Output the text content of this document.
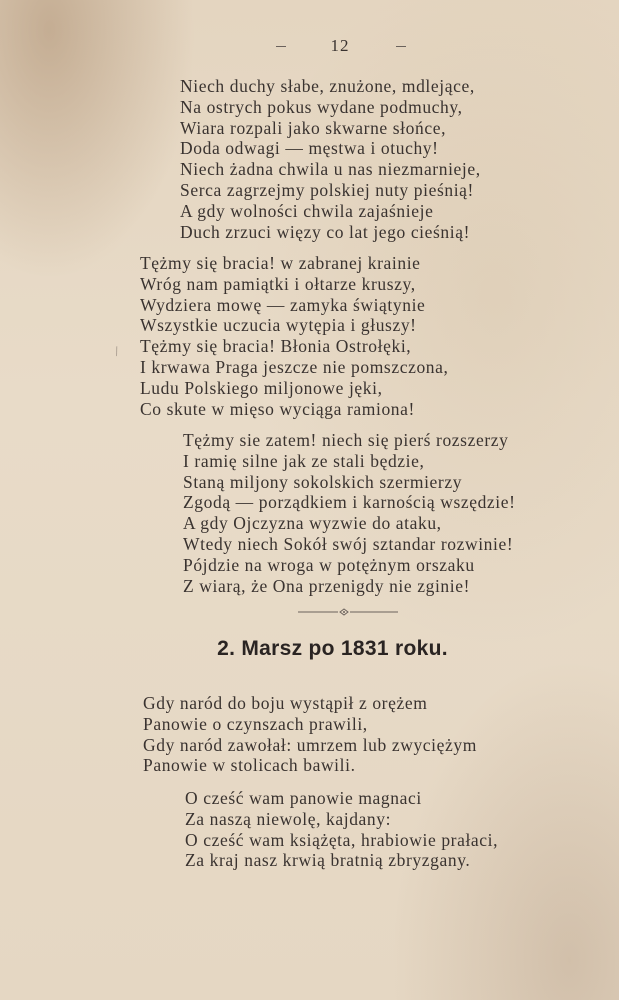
12
Niech duchy słabe, znużone, mdlejące,
Na ostrych pokus wydane podmuchy,
Wiara rozpali jako skwarne słońce,
Doda odwagi — męstwa i otuchy!
Niech żadna chwila u nas niezmarnieje,
Serca zagrzejmy polskiej nuty pieśnią!
A gdy wolności chwila zajaśnieje
Duch zrzuci więzy co lat jego cieśnią!
⁄
Tężmy się bracia! w zabranej krainie
Wróg nam pamiątki i ołtarze kruszy,
Wydziera mowę — zamyka świątynie
Wszystkie uczucia wytępia i głuszy!
Tężmy się bracia! Błonia Ostrołęki,
I krwawa Praga jeszcze nie pomszczona,
Ludu Polskiego miljonowe jęki,
Co skute w mięso wyciąga ramiona!
Tężmy sie zatem! niech się pierś rozszerzy
I ramię silne jak ze stali będzie,
Staną miljony sokolskich szermierzy
Zgodą — porządkiem i karnością wszędzie!
A gdy Ojczyzna wyzwie do ataku,
Wtedy niech Sokół swój sztandar rozwinie!
Pójdzie na wroga w potężnym orszaku
Z wiarą, że Ona przenigdy nie zginie!
2. Marsz po 1831 roku.
Gdy naród do boju wystąpił z orężem
Panowie o czynszach prawili,
Gdy naród zawołał: umrzem lub zwyciężym
Panowie w stolicach bawili.
O cześć wam panowie magnaci
Za naszą niewolę, kajdany:
O cześć wam książęta, hrabiowie prałaci,
Za kraj nasz krwią bratnią zbryzgany.
